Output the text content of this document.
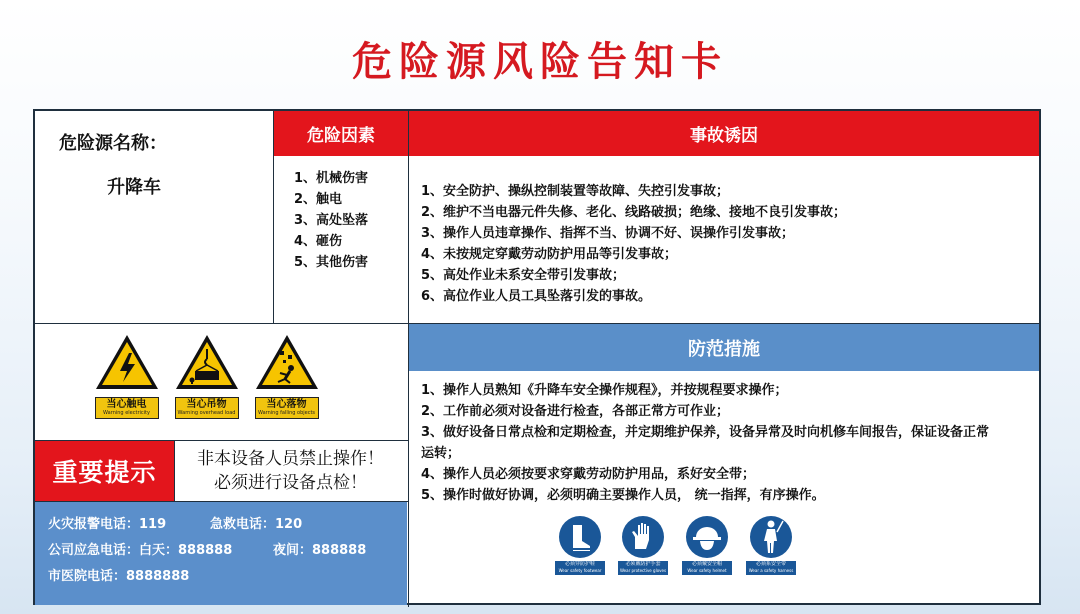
危险源风险告知卡
危险源名称：
升降车
危险因素
1、机械伤害
2、触电
3、高处坠落
4、砸伤
5、其他伤害
事故诱因
1、安全防护、操纵控制装置等故障、失控引发事故；
2、维护不当电器元件失修、老化、线路破损；绝缘、接地不良引发事故；
3、操作人员违章操作、指挥不当、协调不好、误操作引发事故；
4、未按规定穿戴劳动防护用品等引发事故；
5、高处作业未系安全带引发事故；
6、高位作业人员工具坠落引发的事故。
防范措施
1、操作人员熟知《升降车安全操作规程》，并按规程要求操作；
2、工作前必须对设备进行检查，各部正常方可作业；
3、做好设备日常点检和定期检查，并定期维护保养，设备异常及时向机修车间报告，保证设备正常
运转；
4、操作人员必须按要求穿戴劳动防护用品，系好安全带；
5、操作时做好协调，必须明确主要操作人员， 统一指挥，有序操作。
当心触电
Warning electricity
当心吊物
Warning overhead load
当心落物
Warning falling objects
重要提示	非本设备人员禁止操作！
必须进行设备点检！
火灾报警电话：119	急救电话：120
公司应急电话：白天：888888	夜间：888888
市医院电话：8888888
必须穿防护鞋
Wear safety footwear
必须戴防护手套
Wear protective gloves
必须戴安全帽
Wear safety helmet
必须系安全带
Wear a safety harness
